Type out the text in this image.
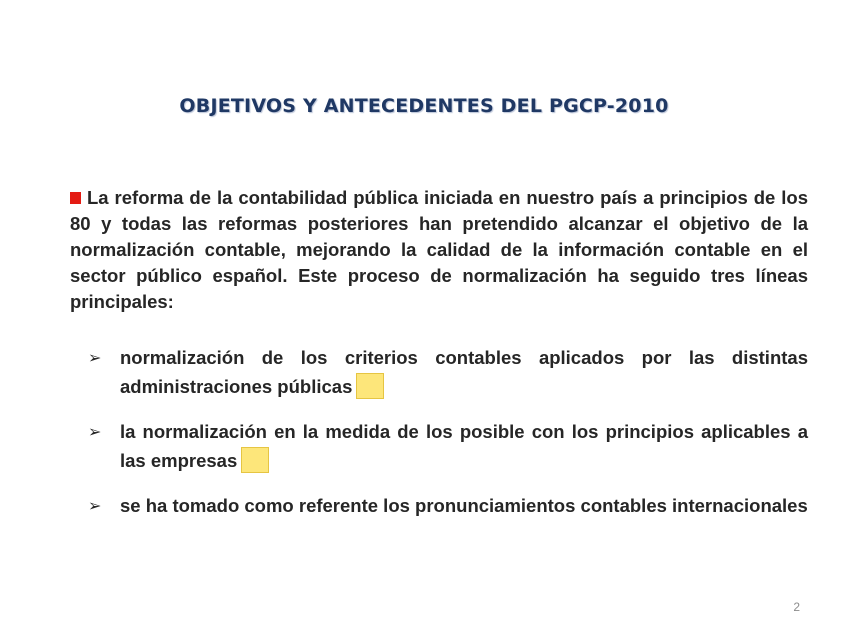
OBJETIVOS Y ANTECEDENTES DEL PGCP-2010
La reforma de la contabilidad pública iniciada en nuestro país a principios de los 80 y todas las reformas posteriores han pretendido alcanzar el objetivo de la normalización contable, mejorando la calidad de la información contable en el sector público español. Este proceso de normalización ha seguido tres líneas principales:
➢ normalización de los criterios contables aplicados por las distintas administraciones públicas
➢ la normalización en la medida de los posible con los principios aplicables a las empresas
➢ se ha tomado como referente los pronunciamientos contables internacionales
2
